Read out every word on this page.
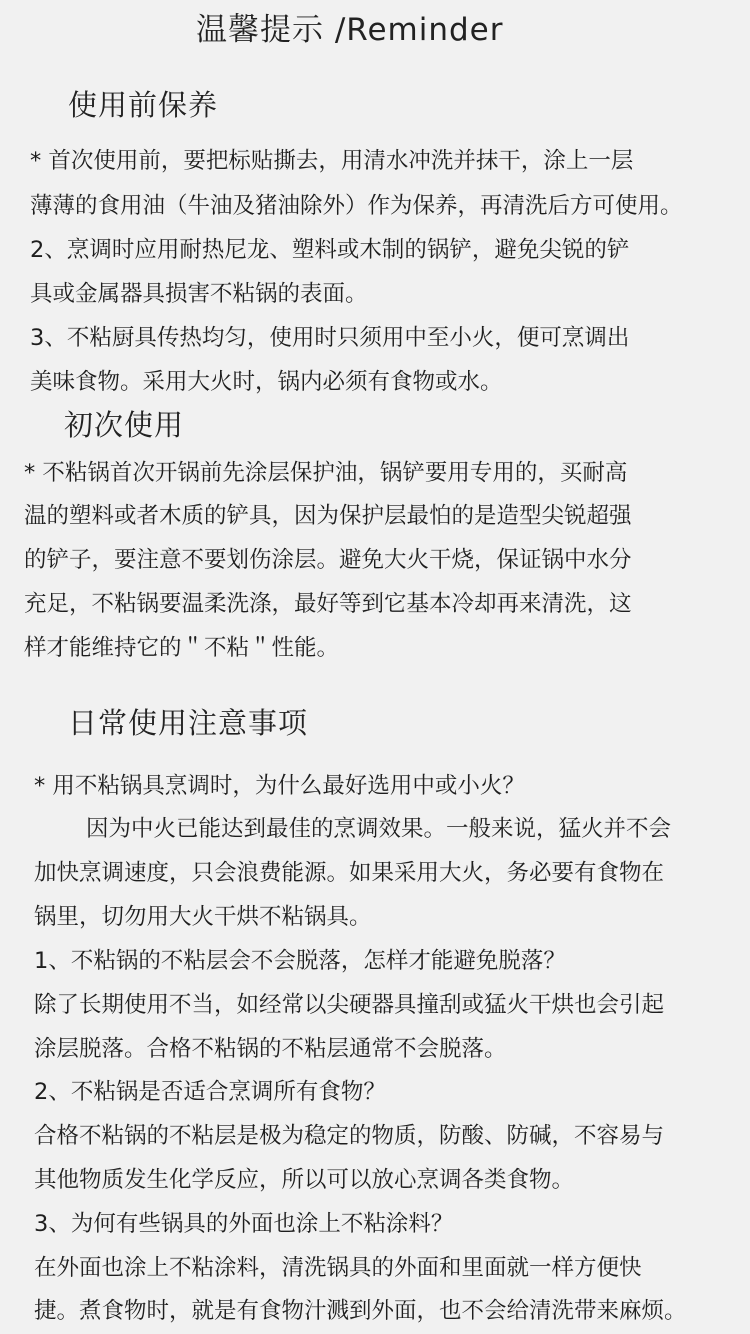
温馨提示 /Reminder
使用前保养
* 首次使用前，要把标贴撕去，用清水冲洗并抹干，涂上一层
薄薄的食用油（牛油及猪油除外）作为保养，再清洗后方可使用。
2、烹调时应用耐热尼龙、塑料或木制的锅铲，避免尖锐的铲
具或金属器具损害不粘锅的表面。
3、不粘厨具传热均匀，使用时只须用中至小火，便可烹调出
美味食物。采用大火时，锅内必须有食物或水。
初次使用
* 不粘锅首次开锅前先涂层保护油，锅铲要用专用的，买耐高
温的塑料或者木质的铲具，因为保护层最怕的是造型尖锐超强
的铲子，要注意不要划伤涂层。避免大火干烧，保证锅中水分
充足，不粘锅要温柔洗涤，最好等到它基本冷却再来清洗，这
样才能维持它的＂不粘＂性能。
日常使用注意事项
* 用不粘锅具烹调时，为什么最好选用中或小火？
因为中火已能达到最佳的烹调效果。一般来说，猛火并不会
加快烹调速度，只会浪费能源。如果采用大火，务必要有食物在
锅里，切勿用大火干烘不粘锅具。
1、不粘锅的不粘层会不会脱落，怎样才能避免脱落？
除了长期使用不当，如经常以尖硬器具撞刮或猛火干烘也会引起
涂层脱落。合格不粘锅的不粘层通常不会脱落。
2、不粘锅是否适合烹调所有食物？
合格不粘锅的不粘层是极为稳定的物质，防酸、防碱，不容易与
其他物质发生化学反应，所以可以放心烹调各类食物。
3、为何有些锅具的外面也涂上不粘涂料？
在外面也涂上不粘涂料，清洗锅具的外面和里面就一样方便快
捷。煮食物时，就是有食物汁溅到外面，也不会给清洗带来麻烦。
